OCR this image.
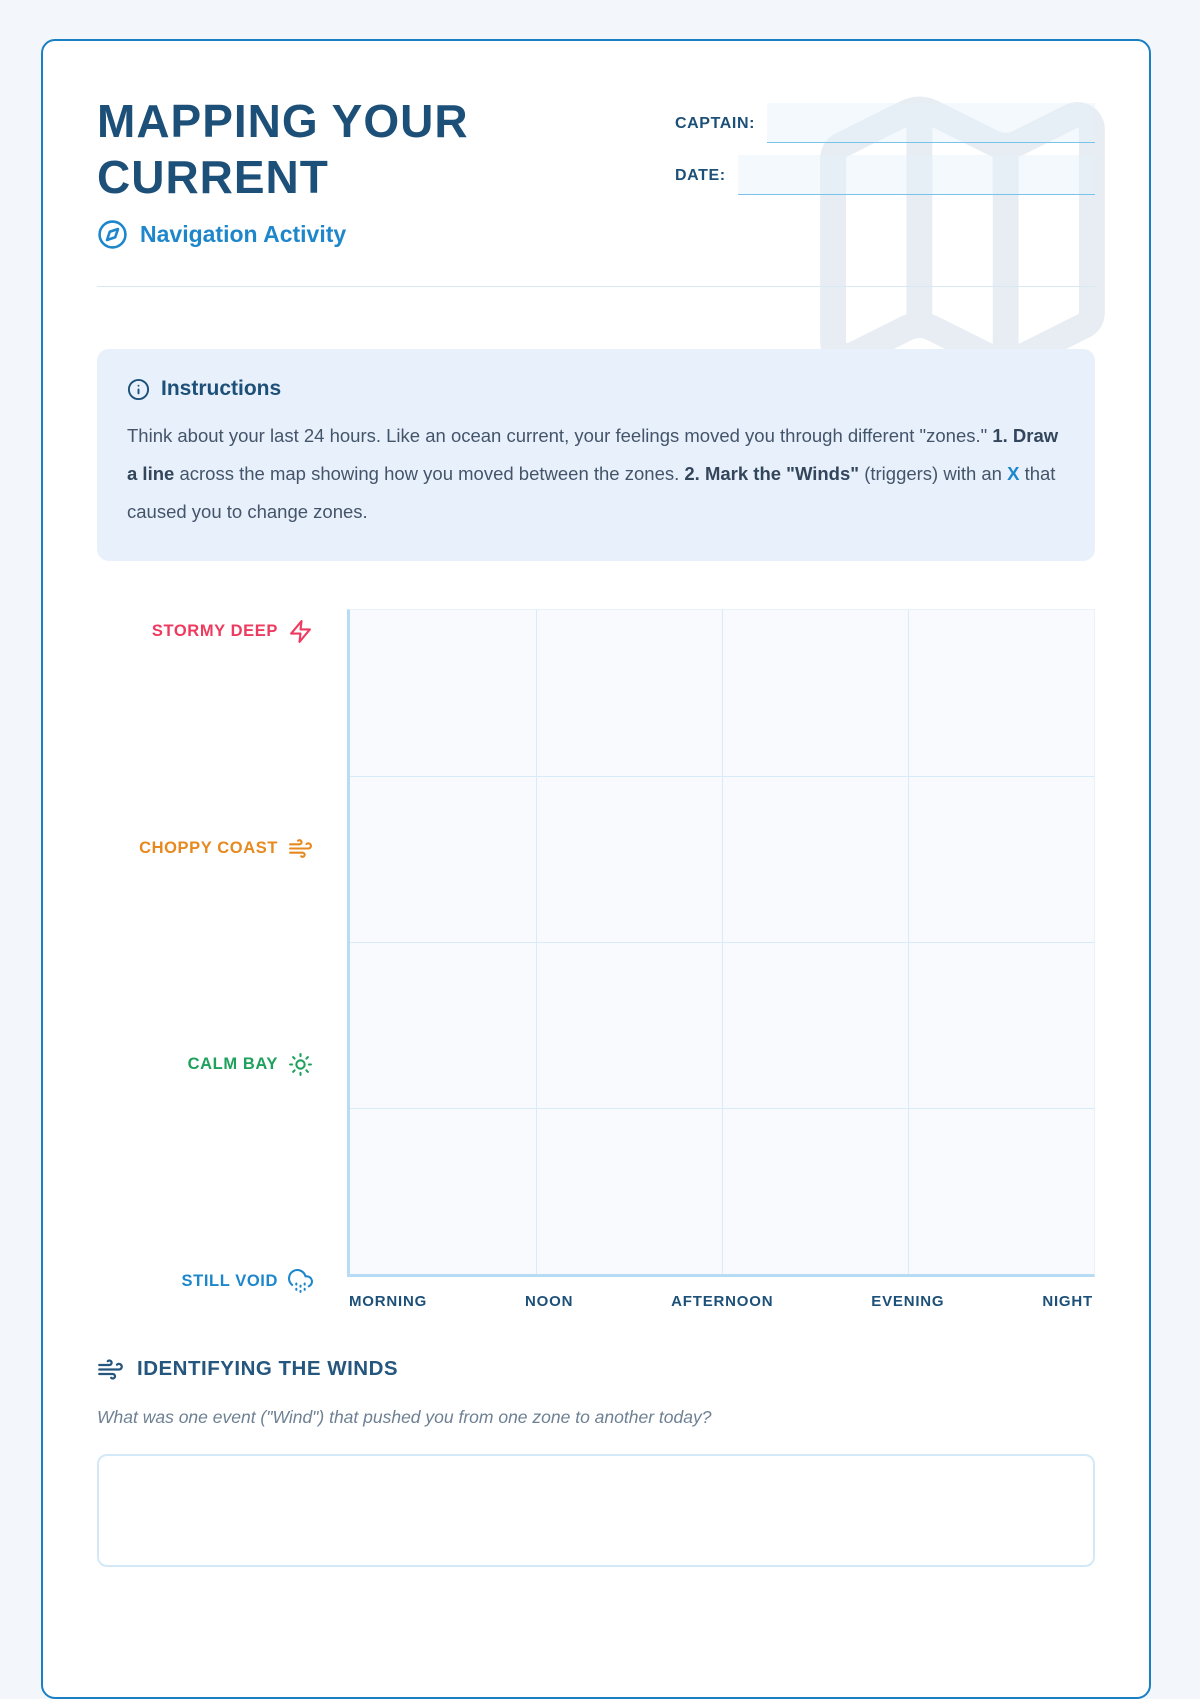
MAPPING YOUR CURRENT
Navigation Activity
CAPTAIN:
DATE:
Instructions

Think about your last 24 hours. Like an ocean current, your feelings moved you through different "zones." 1. Draw a line across the map showing how you moved between the zones. 2. Mark the "Winds" (triggers) with an X that caused you to change zones.

STORMY DEEP
CHOPPY COAST
CALM BAY
STILL VOID
MORNING	NOON	AFTERNOON	EVENING	NIGHT
IDENTIFYING THE WINDS

What was one event ("Wind") that pushed you from one zone to another today?
